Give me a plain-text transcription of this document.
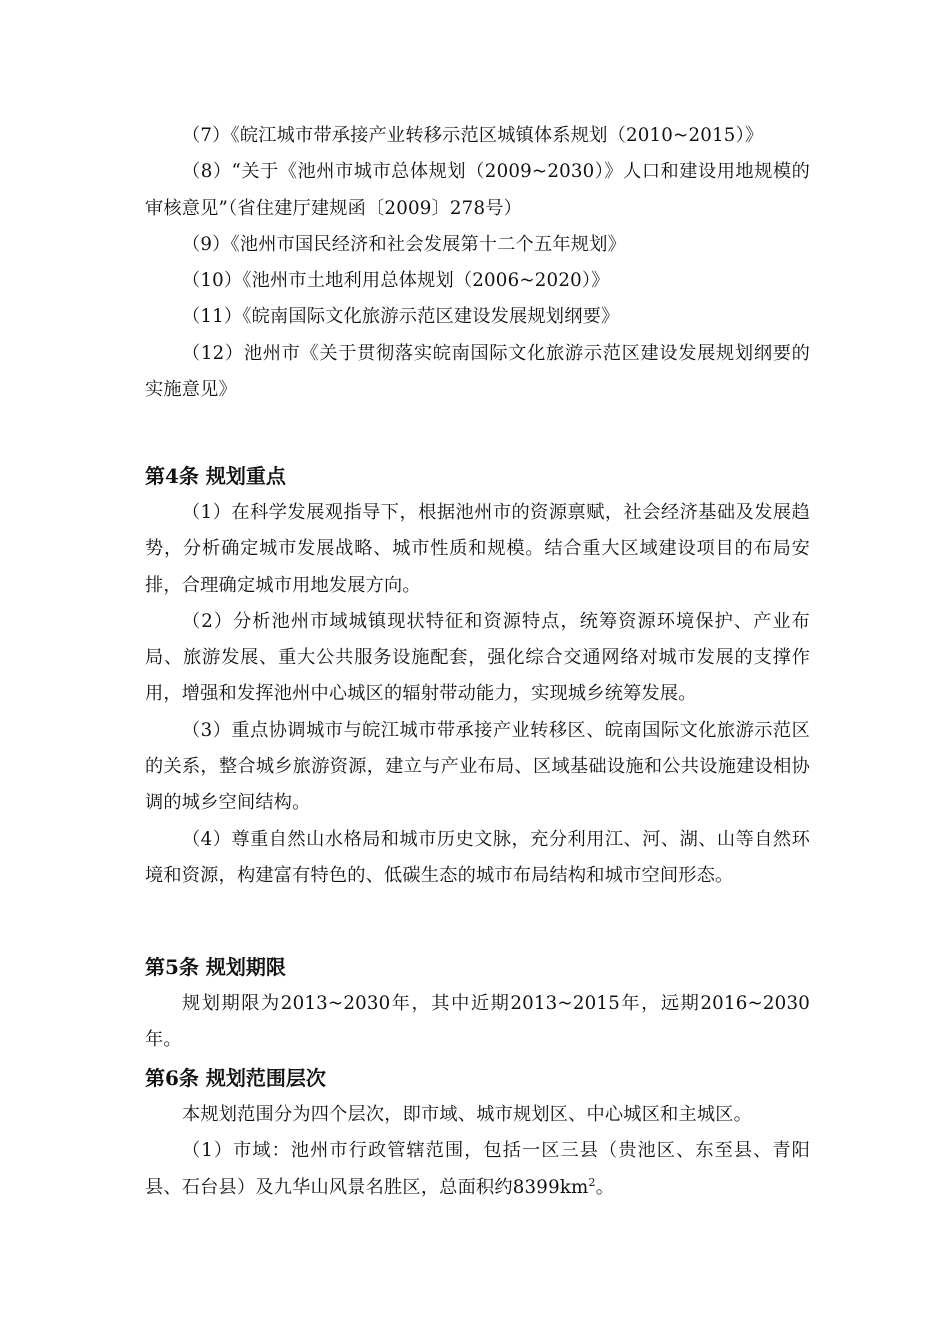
（7）《皖江城市带承接产业转移示范区城镇体系规划（2010~2015）》

（8）“关于《池州市城市总体规划（2009~2030）》人口和建设用地规模的审核意见”（省住建厅建规函〔2009〕278号）

（9）《池州市国民经济和社会发展第十二个五年规划》

（10）《池州市土地利用总体规划（2006~2020）》

（11）《皖南国际文化旅游示范区建设发展规划纲要》

（12）池州市《关于贯彻落实皖南国际文化旅游示范区建设发展规划纲要的实施意见》

第4条 规划重点

（1）在科学发展观指导下，根据池州市的资源禀赋，社会经济基础及发展趋势，分析确定城市发展战略、城市性质和规模。结合重大区域建设项目的布局安排，合理确定城市用地发展方向。

（2）分析池州市域城镇现状特征和资源特点，统筹资源环境保护、产业布局、旅游发展、重大公共服务设施配套，强化综合交通网络对城市发展的支撑作用，增强和发挥池州中心城区的辐射带动能力，实现城乡统筹发展。

（3）重点协调城市与皖江城市带承接产业转移区、皖南国际文化旅游示范区的关系，整合城乡旅游资源，建立与产业布局、区域基础设施和公共设施建设相协调的城乡空间结构。

（4）尊重自然山水格局和城市历史文脉，充分利用江、河、湖、山等自然环境和资源，构建富有特色的、低碳生态的城市布局结构和城市空间形态。

第5条 规划期限

规划期限为2013~2030年，其中近期2013~2015年，远期2016~2030年。

第6条 规划范围层次

本规划范围分为四个层次，即市域、城市规划区、中心城区和主城区。

（1）市域：池州市行政管辖范围，包括一区三县（贵池区、东至县、青阳县、石台县）及九华山风景名胜区，总面积约$8399km^2$。
